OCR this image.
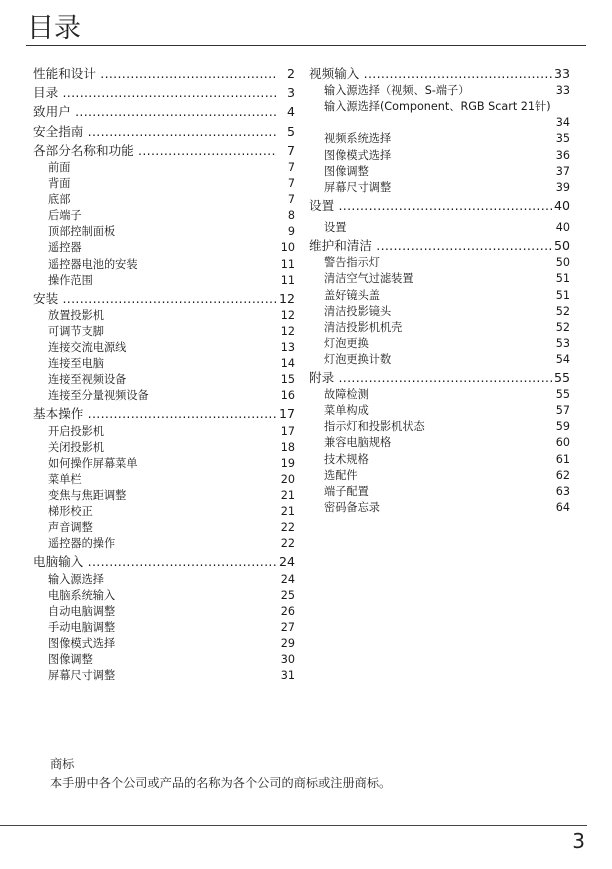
目录
性能和设计 .....	2
目录 .....	3
致用户 .....	4
安全指南 .....	5
各部分名称和功能 .....	7
前面	7
背面	7
底部	7
后端子	8
顶部控制面板	9
遥控器	10
遥控器电池的安装	11
操作范围	11
安装 .....	12
放置投影机	12
可调节支脚	12
连接交流电源线	13
连接至电脑	14
连接至视频设备	15
连接至分量视频设备	16
基本操作 .....	17
开启投影机	17
关闭投影机	18
如何操作屏幕菜单	19
菜单栏	20
变焦与焦距调整	21
梯形校正	21
声音调整	22
遥控器的操作	22
电脑输入 .....	24
输入源选择	24
电脑系统输入	25
自动电脑调整	26
手动电脑调整	27
图像模式选择	29
图像调整	30
屏幕尺寸调整	31
视频输入 .....	33
输入源选择（视频、S-端子）	33
输入源选择(Component、RGB Scart 21针)
34
视频系统选择	35
图像模式选择	36
图像调整	37
屏幕尺寸调整	39
设置 .....	40
设置	40
维护和清洁 .....	50
警告指示灯	50
清洁空气过滤装置	51
盖好镜头盖	51
清洁投影镜头	52
清洁投影机机壳	52
灯泡更换	53
灯泡更换计数	54
附录 .....	55
故障检测	55
菜单构成	57
指示灯和投影机状态	59
兼容电脑规格	60
技术规格	61
选配件	62
端子配置	63
密码备忘录	64
商标
本手册中各个公司或产品的名称为各个公司的商标或注册商标。
3
